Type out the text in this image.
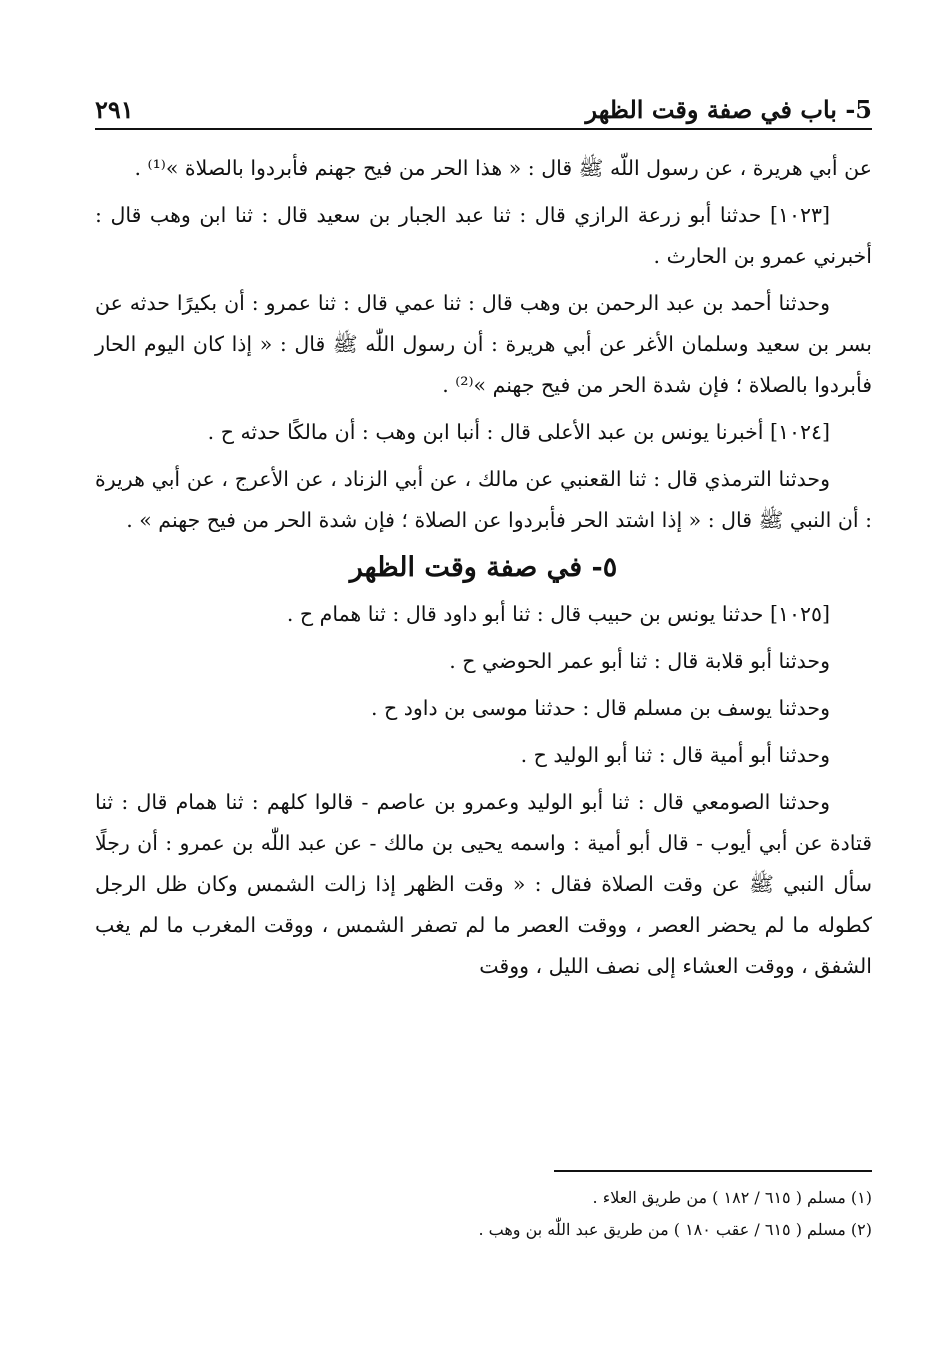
٢٩١	5- باب في صفة وقت الظهر

عن أبي هريرة ، عن رسول اللّه ﷺ قال : « هذا الحر من فيح جهنم فأبردوا بالصلاة »⁽¹⁾ .

[١٠٢٣] حدثنا أبو زرعة الرازي قال : ثنا عبد الجبار بن سعيد قال : ثنا ابن وهب قال : أخبرني عمرو بن الحارث .

وحدثنا أحمد بن عبد الرحمن بن وهب قال : ثنا عمي قال : ثنا عمرو : أن بكيرًا حدثه عن بسر بن سعيد وسلمان الأغر عن أبي هريرة : أن رسول اللّٰه ﷺ قال : « إذا كان اليوم الحار فأبردوا بالصلاة ؛ فإن شدة الحر من فيح جهنم »⁽²⁾ .

[١٠٢٤] أخبرنا يونس بن عبد الأعلى قال : أنبا ابن وهب : أن مالكًا حدثه ح .

وحدثنا الترمذي قال : ثنا القعنبي عن مالك ، عن أبي الزناد ، عن الأعرج ، عن أبي هريرة : أن النبي ﷺ قال : « إذا اشتد الحر فأبردوا عن الصلاة ؛ فإن شدة الحر من فيح جهنم » .

٥- في صفة وقت الظهر

[١٠٢٥] حدثنا يونس بن حبيب قال : ثنا أبو داود قال : ثنا همام ح .

وحدثنا أبو قلابة قال : ثنا أبو عمر الحوضي ح .

وحدثنا يوسف بن مسلم قال : حدثنا موسى بن داود ح .

وحدثنا أبو أمية قال : ثنا أبو الوليد ح .

وحدثنا الصومعي قال : ثنا أبو الوليد وعمرو بن عاصم - قالوا كلهم : ثنا همام قال : ثنا قتادة عن أبي أيوب - قال أبو أمية : واسمه يحيى بن مالك - عن عبد اللّٰه بن عمرو : أن رجلًا سأل النبي ﷺ عن وقت الصلاة فقال : « وقت الظهر إذا زالت الشمس وكان ظل الرجل كطوله ما لم يحضر العصر ، ووقت العصر ما لم تصفر الشمس ، ووقت المغرب ما لم يغب الشفق ، ووقت العشاء إلى نصف الليل ، ووقت

(١) مسلم ( ٦١٥ / ١٨٢ ) من طريق العلاء .

(٢) مسلم ( ٦١٥ / عقب ١٨٠ ) من طريق عبد اللّٰه بن وهب .
